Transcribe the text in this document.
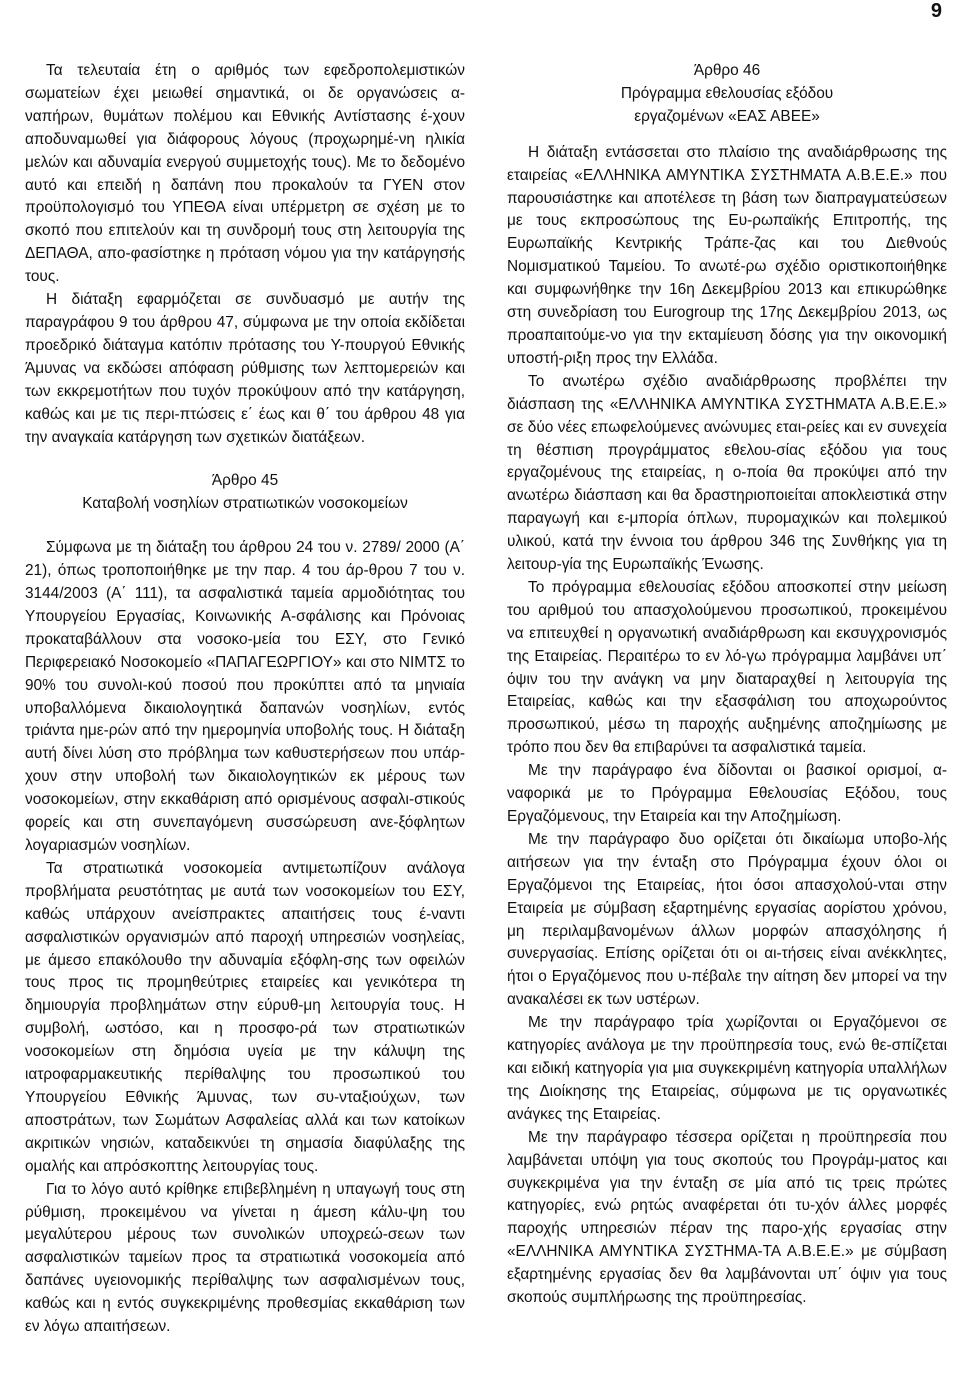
9

Τα τελευταία έτη ο αριθμός των εφεδροπολεμιστικών σωματείων έχει μειωθεί σημαντικά, οι δε οργανώσεις α-ναπήρων, θυμάτων πολέμου και Εθνικής Αντίστασης έ-χουν αποδυναμωθεί για διάφορους λόγους (προχωρημέ-νη ηλικία μελών και αδυναμία ενεργού συμμετοχής τους). Με το δεδομένο αυτό και επειδή η δαπάνη που προκαλούν τα ΓΥΕΝ στον προϋπολογισμό του ΥΠΕΘΑ είναι υπέρμετρη σε σχέση με το σκοπό που επιτελούν και τη συνδρομή τους στη λειτουργία της ΔΕΠΑΘΑ, απο-φασίστηκε η πρόταση νόμου για την κατάργησής τους.

Η διάταξη εφαρμόζεται σε συνδυασμό με αυτήν της παραγράφου 9 του άρθρου 47, σύμφωνα με την οποία εκδίδεται προεδρικό διάταγμα κατόπιν πρότασης του Υ-πουργού Εθνικής Άμυνας να εκδώσει απόφαση ρύθμισης των λεπτομερειών και των εκκρεμοτήτων που τυχόν προκύψουν από την κατάργηση, καθώς και με τις περι-πτώσεις ε΄ έως και θ΄ του άρθρου 48 για την αναγκαία κατάργηση των σχετικών διατάξεων.

Άρθρο 45
Καταβολή νοσηλίων στρατιωτικών νοσοκομείων

Σύμφωνα με τη διάταξη του άρθρου 24 του ν. 2789/ 2000 (Α΄ 21), όπως τροποποιήθηκε με την παρ. 4 του άρ-θρου 7 του ν. 3144/2003 (Α΄ 111), τα ασφαλιστικά ταμεία αρμοδιότητας του Υπουργείου Εργασίας, Κοινωνικής Α-σφάλισης και Πρόνοιας προκαταβάλλουν στα νοσοκο-μεία του ΕΣΥ, στο Γενικό Περιφερειακό Νοσοκομείο «ΠΑΠΑΓΕΩΡΓΙΟΥ» και στο ΝΙΜΤΣ το 90% του συνολι-κού ποσού που προκύπτει από τα μηνιαία υποβαλλόμενα δικαιολογητικά δαπανών νοσηλίων, εντός τριάντα ημε-ρών από την ημερομηνία υποβολής τους. Η διάταξη αυτή δίνει λύση στο πρόβλημα των καθυστερήσεων που υπάρ-χουν στην υποβολή των δικαιολογητικών εκ μέρους των νοσοκομείων, στην εκκαθάριση από ορισμένους ασφαλι-στικούς φορείς και στη συνεπαγόμενη συσσώρευση ανε-ξόφλητων λογαριασμών νοσηλίων.

Τα στρατιωτικά νοσοκομεία αντιμετωπίζουν ανάλογα προβλήματα ρευστότητας με αυτά των νοσοκομείων του ΕΣΥ, καθώς υπάρχουν ανείσπρακτες απαιτήσεις τους έ-ναντι ασφαλιστικών οργανισμών από παροχή υπηρεσιών νοσηλείας, με άμεσο επακόλουθο την αδυναμία εξόφλη-σης των οφειλών τους προς τις προμηθεύτριες εταιρείες και γενικότερα τη δημιουργία προβλημάτων στην εύρυθ-μη λειτουργία τους. Η συμβολή, ωστόσο, και η προσφο-ρά των στρατιωτικών νοσοκομείων στη δημόσια υγεία με την κάλυψη της ιατροφαρμακευτικής περίθαλψης του προσωπικού του Υπουργείου Εθνικής Άμυνας, των συ-νταξιούχων, των αποστράτων, των Σωμάτων Ασφαλείας αλλά και των κατοίκων ακριτικών νησιών, καταδεικνύει τη σημασία διαφύλαξης της ομαλής και απρόσκοπτης λειτουργίας τους.

Για το λόγο αυτό κρίθηκε επιβεβλημένη η υπαγωγή τους στη ρύθμιση, προκειμένου να γίνεται η άμεση κάλυ-ψη του μεγαλύτερου μέρους των συνολικών υποχρεώ-σεων των ασφαλιστικών ταμείων προς τα στρατιωτικά νοσοκομεία από δαπάνες υγειονομικής περίθαλψης των ασφαλισμένων τους, καθώς και η εντός συγκεκριμένης προθεσμίας εκκαθάριση των εν λόγω απαιτήσεων.

Άρθρο 46
Πρόγραμμα εθελουσίας εξόδου
εργαζομένων «ΕΑΣ ΑΒΕΕ»

Η διάταξη εντάσσεται στο πλαίσιο της αναδιάρθρωσης της εταιρείας «ΕΛΛΗΝΙΚΑ ΑΜΥΝΤΙΚΑ ΣΥΣΤΗΜΑΤΑ Α.Β.Ε.Ε.» που παρουσιάστηκε και αποτέλεσε τη βάση των διαπραγματεύσεων με τους εκπροσώπους της Ευ-ρωπαϊκής Επιτροπής, της Ευρωπαϊκής Κεντρικής Τράπε-ζας και του Διεθνούς Νομισματικού Ταμείου. Το ανωτέ-ρω σχέδιο οριστικοποιήθηκε και συμφωνήθηκε την 16η Δεκεμβρίου 2013 και επικυρώθηκε στη συνεδρίαση του Eurogroup της 17ης Δεκεμβρίου 2013, ως προαπαιτούμε-νο για την εκταμίευση δόσης για την οικονομική υποστή-ριξη προς την Ελλάδα.

Το ανωτέρω σχέδιο αναδιάρθρωσης προβλέπει την διάσπαση της «ΕΛΛΗΝΙΚΑ ΑΜΥΝΤΙΚΑ ΣΥΣΤΗΜΑΤΑ Α.Β.Ε.Ε.» σε δύο νέες επωφελούμενες ανώνυμες εται-ρείες και εν συνεχεία τη θέσπιση προγράμματος εθελου-σίας εξόδου για τους εργαζομένους της εταιρείας, η ο-ποία θα προκύψει από την ανωτέρω διάσπαση και θα δραστηριοποιείται αποκλειστικά στην παραγωγή και ε-μπορία όπλων, πυρομαχικών και πολεμικού υλικού, κατά την έννοια του άρθρου 346 της Συνθήκης για τη λειτουρ-γία της Ευρωπαϊκής Ένωσης.

Το πρόγραμμα εθελουσίας εξόδου αποσκοπεί στην μείωση του αριθμού του απασχολούμενου προσωπικού, προκειμένου να επιτευχθεί η οργανωτική αναδιάρθρωση και εκσυγχρονισμός της Εταιρείας. Περαιτέρω το εν λό-γω πρόγραμμα λαμβάνει υπ΄ όψιν του την ανάγκη να μην διαταραχθεί η λειτουργία της Εταιρείας, καθώς και την εξασφάλιση του αποχωρούντος προσωπικού, μέσω τη παροχής αυξημένης αποζημίωσης με τρόπο που δεν θα επιβαρύνει τα ασφαλιστικά ταμεία.

Με την παράγραφο ένα δίδονται οι βασικοί ορισμοί, α-ναφορικά με το Πρόγραμμα Εθελουσίας Εξόδου, τους Εργαζόμενους, την Εταιρεία και την Αποζημίωση.

Με την παράγραφο δυο ορίζεται ότι δικαίωμα υποβο-λής αιτήσεων για την ένταξη στο Πρόγραμμα έχουν όλοι οι Εργαζόμενοι της Εταιρείας, ήτοι όσοι απασχολού-νται στην Εταιρεία με σύμβαση εξαρτημένης εργασίας αορίστου χρόνου, μη περιλαμβανομένων άλλων μορφών απασχόλησης ή συνεργασίας. Επίσης ορίζεται ότι οι αι-τήσεις είναι ανέκκλητες, ήτοι ο Εργαζόμενος που υ-πέβαλε την αίτηση δεν μπορεί να την ανακαλέσει εκ των υστέρων.

Με την παράγραφο τρία χωρίζονται οι Εργαζόμενοι σε κατηγορίες ανάλογα με την προϋπηρεσία τους, ενώ θε-σπίζεται και ειδική κατηγορία για μια συγκεκριμένη κατηγορία υπαλλήλων της Διοίκησης της Εταιρείας, σύμφωνα με τις οργανωτικές ανάγκες της Εταιρείας.

Με την παράγραφο τέσσερα ορίζεται η προϋπηρεσία που λαμβάνεται υπόψη για τους σκοπούς του Προγράμ-ματος και συγκεκριμένα για την ένταξη σε μία από τις τρεις πρώτες κατηγορίες, ενώ ρητώς αναφέρεται ότι τυ-χόν άλλες μορφές παροχής υπηρεσιών πέραν της παρο-χής εργασίας στην «ΕΛΛΗΝΙΚΑ ΑΜΥΝΤΙΚΑ ΣΥΣΤΗΜΑ-ΤΑ Α.Β.Ε.Ε.» με σύμβαση εξαρτημένης εργασίας δεν θα λαμβάνονται υπ΄ όψιν για τους σκοπούς συμπλήρωσης της προϋπηρεσίας.
